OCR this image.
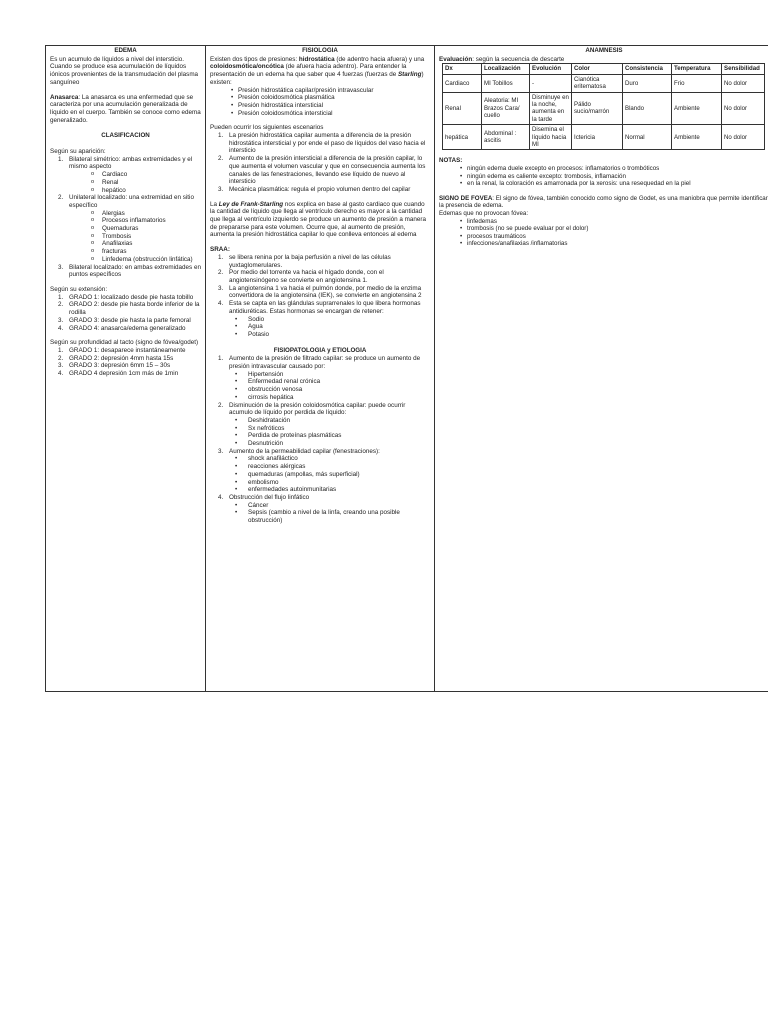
EDEMA

Es un acumulo de líquidos a nivel del intersticio. Cuando se produce esa acumulación de líquidos iónicos provenientes de la transmudación del plasma sanguíneo

Anasarca: La anasarca es una enfermedad que se caracteriza por una acumulación generalizada de líquido en el cuerpo. También se conoce como edema generalizado.

CLASIFICACION

Según su aparición:

1. Bilateral simétrico: ambas extremidades y el mismo aspecto
o Cardiaco
o Renal
o hepático
2. Unilateral localizado: una extremidad en sitio específico
o Alergias
o Procesos inflamatorios
o Quemaduras
o Trombosis
o Anafilaxias
o fracturas
o Linfedema (obstrucción linfática)
3. Bilateral localizado: en ambas extremidades en puntos específicos

Según su extensión:

1. GRADO 1: localizado desde pie hasta tobillo
2. GRADO 2: desde pie hasta borde inferior de la rodilla
3. GRADO 3: desde pie hasta la parte femoral
4. GRADO 4: anasarca/edema generalizado

Según su profundidad al tacto (signo de fóvea/godet)

1. GRADO 1: desaparece instantáneamente
2. GRADO 2: depresión 4mm hasta 15s
3. GRADO 3: depresión 6mm 15 – 30s
4. GRADO 4 depresión 1cm más de 1min
FISIOLOGIA

Existen dos tipos de presiones: hidrostática (de adentro hacia afuera) y una coloidosmótica/oncótica (de afuera hacia adentro). Para entender la presentación de un edema ha que saber que 4 fuerzas (fuerzas de Starling) existen:

• Presión hidrostática capilar/presión intravascular
• Presión coloidosmótica plasmática
• Presión hidrostática intersticial
• Presión coloidosmótica intersticial

Pueden ocurrir los siguientes escenarios

1. La presión hidrostática capilar aumenta a diferencia de la presión hidrostática intersticial y por ende el paso de líquidos del vaso hacia el intersticio
2. Aumento de la presión intersticial a diferencia de la presión capilar, lo que aumenta el volumen vascular y que en consecuencia aumenta los canales de las fenestraciones, llevando ese líquido de nuevo al intersticio
3. Mecánica plasmática: regula el propio volumen dentro del capilar

La Ley de Frank-Starling nos explica en base al gasto cardiaco que cuando la cantidad de líquido que llega al ventrículo derecho es mayor a la cantidad que llega al ventrículo izquierdo se produce un aumento de presión a manera de prepararse para este volumen. Ocurre que, al aumento de presión, aumenta la presión hidrostática capilar lo que conlleva entonces al edema

SRAA:

1. se libera renina por la baja perfusión a nivel de las células yuxtaglomerulares.
2. Por medio del torrente va hacia el hígado donde, con el angiotensinógeno se convierte en angiotensina 1.
3. La angiotensina 1 va hacia el pulmón donde, por medio de la enzima convertidora de la angiotensina (IEK), se convierte en angiotensina 2
4. Esta se capta en las glándulas suprarrenales lo que libera hormonas antidiuréticas. Estas hormonas se encargan de retener:
• Sodio
• Agua
• Potasio
FISIOPATOLOGIA y ETIOLOGIA
1. Aumento de la presión de filtrado capilar: se produce un aumento de presión intravascular causado por:
• Hipertensión
• Enfermedad renal crónica
• obstrucción venosa
• cirrosis hepática
2. Disminución de la presión coloidosmótica capilar: puede ocurrir acumulo de líquido por perdida de líquido:
• Deshidratación
• Sx nefróticos
• Perdida de proteínas plasmáticas
• Desnutrición
3. Aumento de la permeabilidad capilar (fenestraciones):
• shock anafiláctico
• reacciones alérgicas
• quemaduras (ampollas, más superficial)
• embolismo
• enfermedades autoinmunitarias
4. Obstrucción del flujo linfático
• Cáncer
• Sepsis (cambio a nivel de la linfa, creando una posible obstrucción)
ANAMNESIS

Evaluación: según la secuencia de descarte

Dx	Localización	Evolución	Color	Consistencia	Temperatura	Sensibilidad
Cardiaco	MI Tobillos	-	Cianótica eritematosa	Duro	Frio	No dolor
Renal	Aleatoria: MI Brazos Cara/ cuello	Disminuye en la noche, aumenta en la tarde	Pálido sucio/marrón	Blando	Ambiente	No dolor
hepática	Abdominal : ascitis	Disemina el líquido hacia MI	Ictericia	Normal	Ambiente	No dolor

NOTAS:

• ningún edema duele excepto en procesos: inflamatorios o trombóticos
• ningún edema es caliente excepto: trombosis, inflamación
• en la renal, la coloración es amarronada por la xerosis: una resequedad en la piel

SIGNO DE FOVEA: El signo de fóvea, también conocido como signo de Godet, es una maniobra que permite identificar la presencia de edema.

Edemas que no provocan fóvea:

• linfedemas
• trombosis (no se puede evaluar por el dolor)
• procesos traumáticos
• infecciones/anafilaxias /inflamatorias
